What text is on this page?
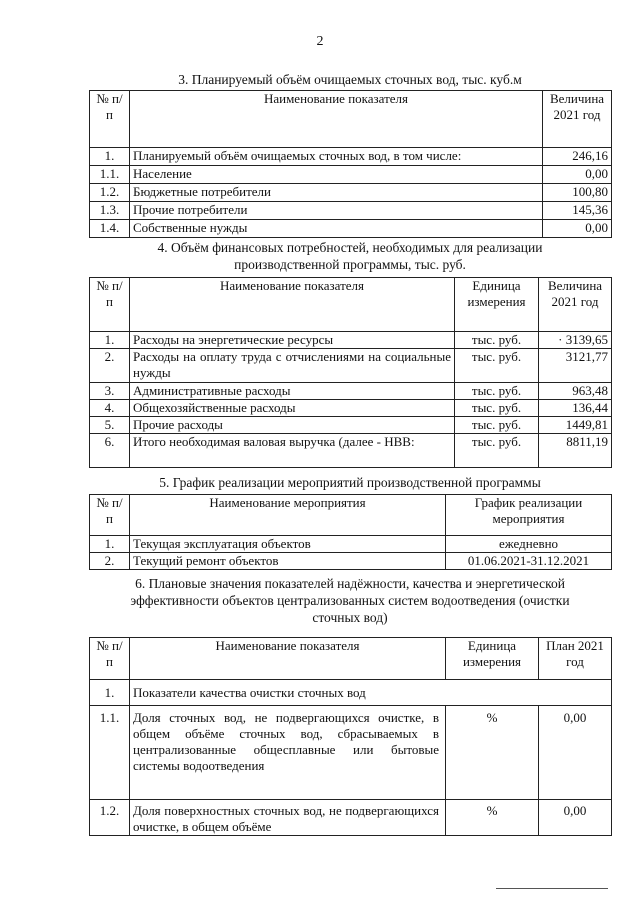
2
3. Планируемый объём очищаемых сточных вод, тыс. куб.м
№ п/п	Наименование показателя	Величина 2021 год
1.	Планируемый объём очищаемых сточных вод, в том числе:	246,16
1.1.	Население	0,00
1.2.	Бюджетные потребители	100,80
1.3.	Прочие потребители	145,36
1.4.	Собственные нужды	0,00
4. Объём финансовых потребностей, необходимых для реализации
производственной программы, тыс. руб.
№ п/п	Наименование показателя	Единица измерения	Величина 2021 год
1.	Расходы на энергетические ресурсы	тыс. руб.	· 3139,65
2.	Расходы на оплату труда с отчислениями на социальные нужды	тыс. руб.	3121,77
3.	Административные расходы	тыс. руб.	963,48
4.	Общехозяйственные расходы	тыс. руб.	136,44
5.	Прочие расходы	тыс. руб.	1449,81
6.	Итого необходимая валовая выручка (далее - НВВ:	тыс. руб.	8811,19
5. График реализации мероприятий производственной программы
№ п/п	Наименование мероприятия	График реализации мероприятия
1.	Текущая эксплуатация объектов	ежедневно
2.	Текущий ремонт объектов	01.06.2021-31.12.2021
6. Плановые значения показателей надёжности, качества и энергетической
эффективности объектов централизованных систем водоотведения (очистки
сточных вод)
№ п/п	Наименование показателя	Единица измерения	План 2021 год
1.	Показатели качества очистки сточных вод		
1.1.	Доля сточных вод, не подвергающихся очистке, в общем объёме сточных вод, сбрасываемых в централизованные общесплавные или бытовые системы водоотведения	%	0,00
1.2.	Доля поверхностных сточных вод, не подвергающихся очистке, в общем объёме	%	0,00
